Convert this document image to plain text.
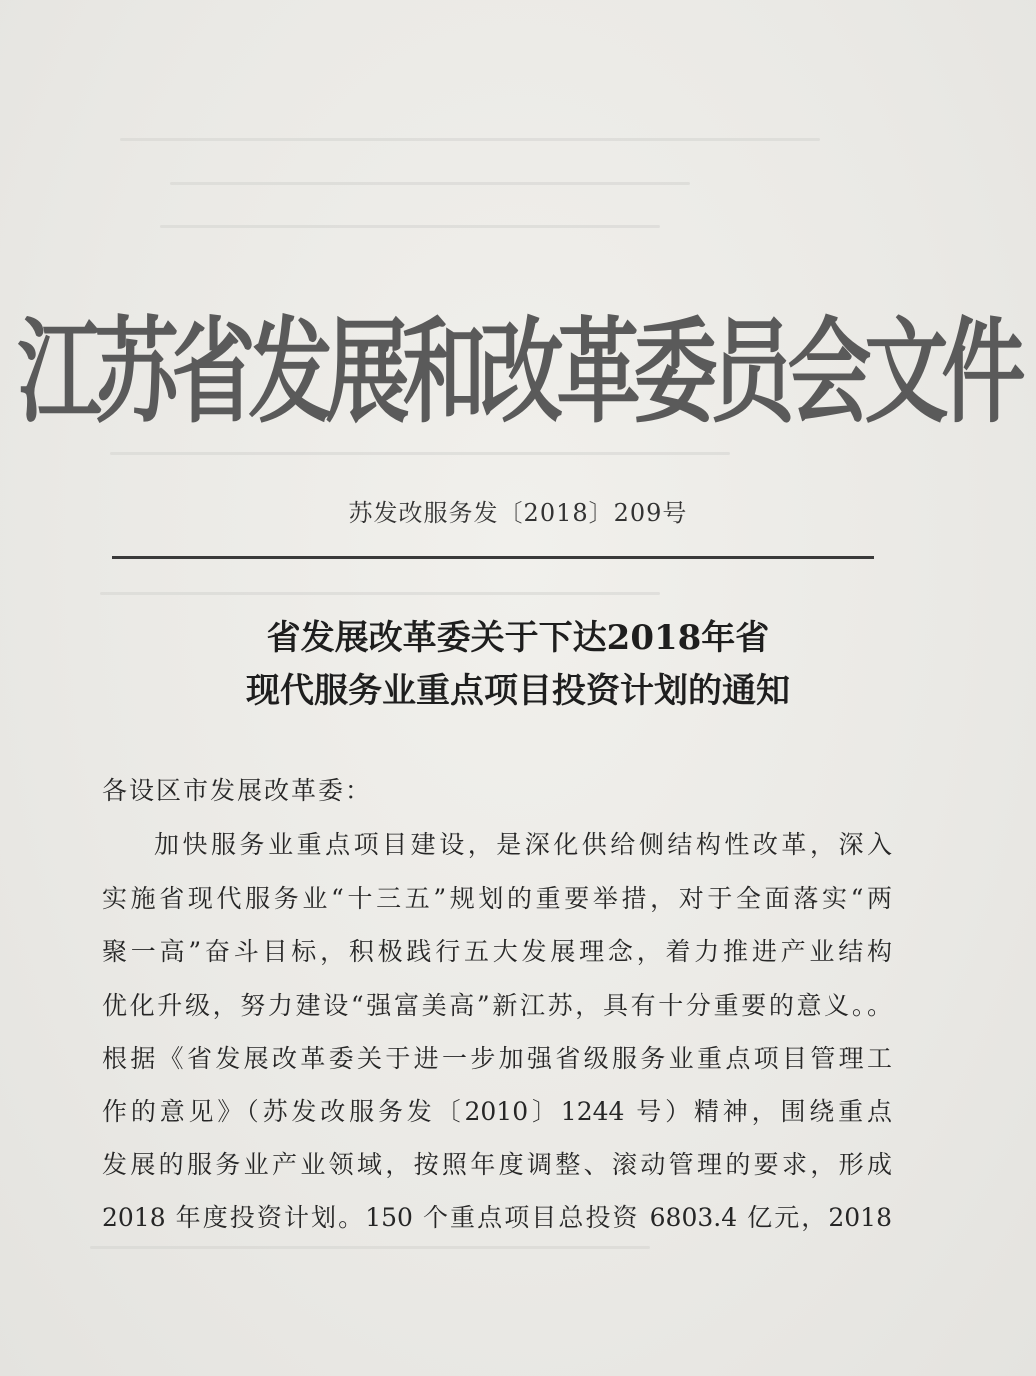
江苏省发展和改革委员会文件
苏发改服务发〔2018〕209号
省发展改革委关于下达2018年省
现代服务业重点项目投资计划的通知
各设区市发展改革委：
加快服务业重点项目建设，是深化供给侧结构性改革，深入
实施省现代服务业“十三五”规划的重要举措，对于全面落实“两
聚一高”奋斗目标，积极践行五大发展理念，着力推进产业结构
优化升级，努力建设“强富美高”新江苏，具有十分重要的意义。。
根据《省发展改革委关于进一步加强省级服务业重点项目管理工
作的意见》（苏发改服务发〔2010〕1244 号）精神，围绕重点
发展的服务业产业领域，按照年度调整、滚动管理的要求，形成
2018 年度投资计划。150 个重点项目总投资 6803.4 亿元，2018
